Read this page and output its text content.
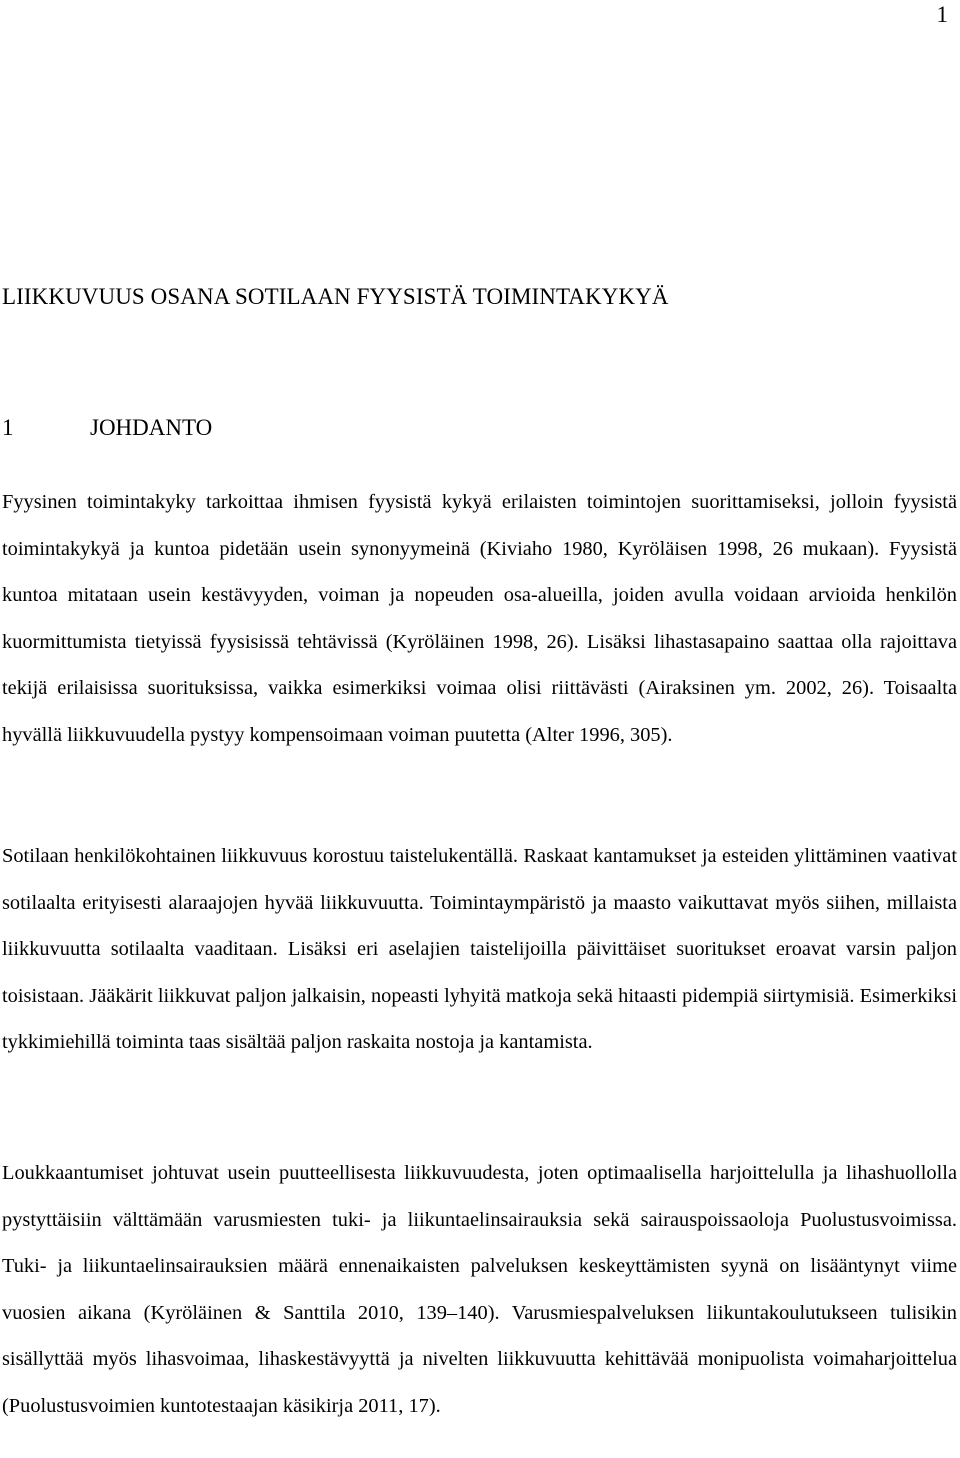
1
LIIKKUVUUS OSANA SOTILAAN FYYSISTÄ TOIMINTAKYKYÄ
1	JOHDANTO

Fyysinen toimintakyky tarkoittaa ihmisen fyysistä kykyä erilaisten toimintojen suorittamiseksi, jolloin fyysistä toimintakykyä ja kuntoa pidetään usein synonyymeinä (Kiviaho 1980, Kyröläisen 1998, 26 mukaan). Fyysistä kuntoa mitataan usein kestävyyden, voiman ja nopeuden osa-alueilla, joiden avulla voidaan arvioida henkilön kuormittumista tietyissä fyysisissä tehtävissä (Kyröläinen 1998, 26). Lisäksi lihastasapaino saattaa olla rajoittava tekijä erilaisissa suorituksissa, vaikka esimerkiksi voimaa olisi riittävästi (Airaksinen ym. 2002, 26). Toisaalta hyvällä liikkuvuudella pystyy kompensoimaan voiman puutetta (Alter 1996, 305).

Sotilaan henkilökohtainen liikkuvuus korostuu taistelukentällä. Raskaat kantamukset ja esteiden ylittäminen vaativat sotilaalta erityisesti alaraajojen hyvää liikkuvuutta. Toimintaympäristö ja maasto vaikuttavat myös siihen, millaista liikkuvuutta sotilaalta vaaditaan. Lisäksi eri aselajien taistelijoilla päivittäiset suoritukset eroavat varsin paljon toisistaan. Jääkärit liikkuvat paljon jalkaisin, nopeasti lyhyitä matkoja sekä hitaasti pidempiä siirtymisiä. Esimerkiksi tykkimiehillä toiminta taas sisältää paljon raskaita nostoja ja kantamista.

Loukkaantumiset johtuvat usein puutteellisesta liikkuvuudesta, joten optimaalisella harjoittelulla ja lihashuollolla pystyttäisiin välttämään varusmiesten tuki- ja liikuntaelinsairauksia sekä sairauspoissaoloja Puolustusvoimissa. Tuki- ja liikuntaelinsairauksien määrä ennenaikaisten palveluksen keskeyttämisten syynä on lisääntynyt viime vuosien aikana (Kyröläinen & Santtila 2010, 139–140). Varusmiespalveluksen liikuntakoulutukseen tulisikin sisällyttää myös lihasvoimaa, lihaskestävyyttä ja nivelten liikkuvuutta kehittävää monipuolista voimaharjoittelua (Puolustusvoimien kuntotestaajan käsikirja 2011, 17).
